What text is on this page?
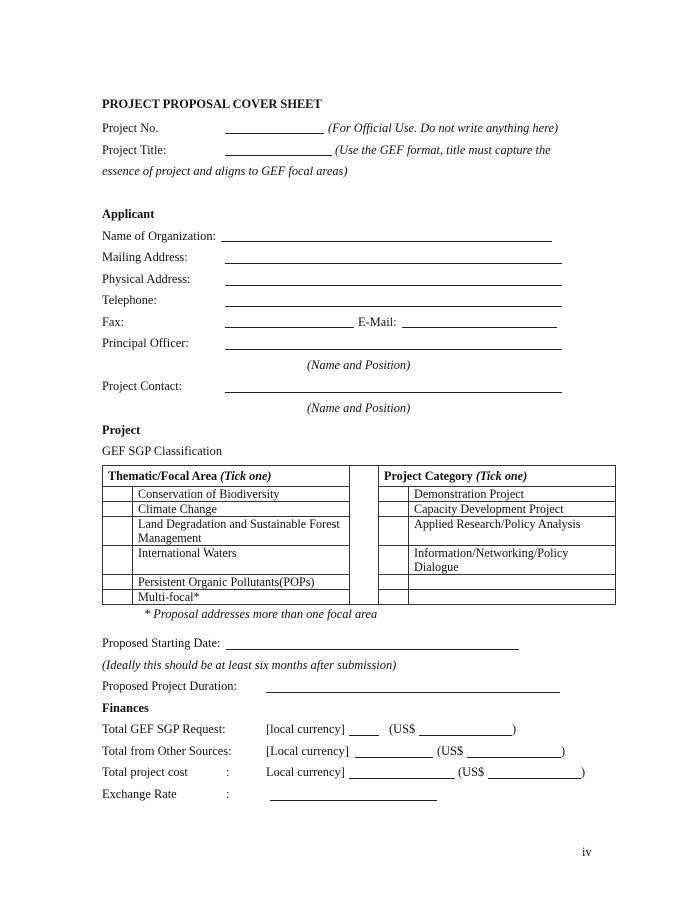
PROJECT PROPOSAL COVER SHEET
Project No.	(For Official Use. Do not write anything here)
Project Title:	(Use the GEF format, title must capture the
essence of project and aligns to GEF focal areas)
Applicant
Name of Organization:
Mailing Address:
Physical Address:
Telephone:
Fax:	E-Mail:
Principal Officer:
(Name and Position)
Project Contact:
(Name and Position)
Project
GEF SGP Classification
Thematic/Focal Area (Tick one)			Project Category (Tick one)	
	Conservation of Biodiversity			Demonstration Project
	Climate Change			Capacity Development Project
	Land Degradation and Sustainable Forest Management			Applied Research/Policy Analysis
	International Waters			Information/Networking/Policy Dialogue
	Persistent Organic Pollutants(POPs)			
	Multi-focal*			
* Proposal addresses more than one focal area
Proposed Starting Date:
(Ideally this should be at least six months after submission)
Proposed Project Duration:
Finances
Total GEF SGP Request:	[local currency]	(US$	)
Total from Other Sources:	[Local currency]	(US$	)
Total project cost	:	Local currency]	(US$	)
Exchange Rate	:
iv
